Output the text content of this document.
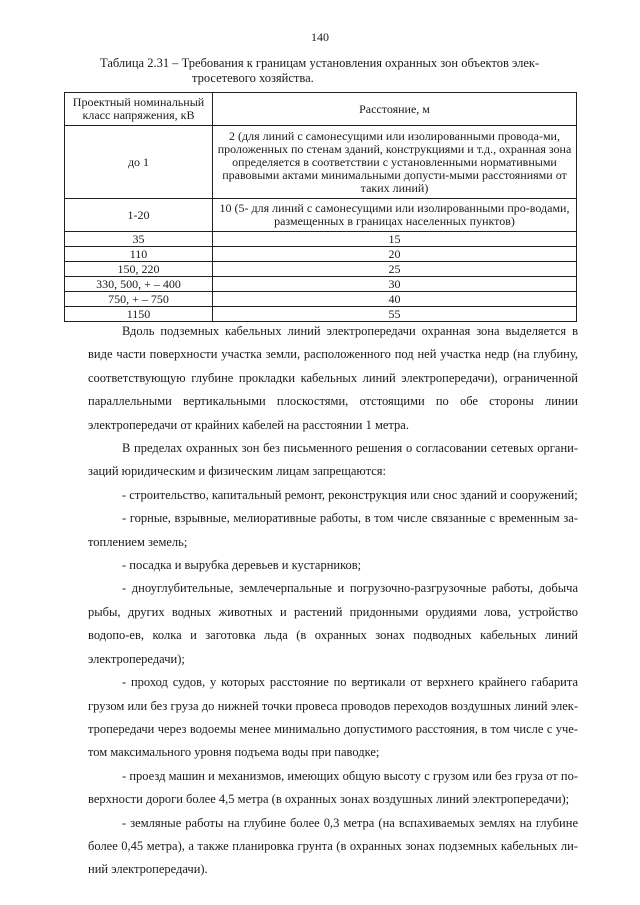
140
Таблица 2.31 – Требования к границам установления охранных зон объектов элек-
тросетевого хозяйства.
Проектный номинальный класс напряжения, кВ	Расстояние, м
до 1	2 (для линий с самонесущими или изолированными провода-ми, проложенных по стенам зданий, конструкциями и т.д., охранная зона определяется в соответствии с установленными нормативными правовыми актами минимальными допусти-мыми расстояниями от таких линий)
1-20	10 (5- для линий с самонесущими или изолированными про-водами, размещенных в границах населенных пунктов)
35	15
110	20
150, 220	25
330, 500, + – 400	30
750, + – 750	40
1150	55

Вдоль подземных кабельных линий электропередачи охранная зона выделяется в виде части поверхности участка земли, расположенного под ней участка недр (на глубину, соответствующую глубине прокладки кабельных линий электропередачи), ограниченной параллельными вертикальными плоскостями, отстоящими по обе стороны линии электропередачи от крайних кабелей на расстоянии 1 метра.

В пределах охранных зон без письменного решения о согласовании сетевых органи-заций юридическим и физическим лицам запрещаются:

- строительство, капитальный ремонт, реконструкция или снос зданий и сооружений;

- горные, взрывные, мелиоративные работы, в том числе связанные с временным за-топлением земель;

- посадка и вырубка деревьев и кустарников;

- дноуглубительные, землечерпальные и погрузочно-разгрузочные работы, добыча рыбы, других водных животных и растений придонными орудиями лова, устройство водопо-ев, колка и заготовка льда (в охранных зонах подводных кабельных линий электропередачи);

- проход судов, у которых расстояние по вертикали от верхнего крайнего габарита грузом или без груза до нижней точки провеса проводов переходов воздушных линий элек-тропередачи через водоемы менее минимально допустимого расстояния, в том числе с уче-том максимального уровня подъема воды при паводке;

- проезд машин и механизмов, имеющих общую высоту с грузом или без груза от по-верхности дороги более 4,5 метра (в охранных зонах воздушных линий электропередачи);

- земляные работы на глубине более 0,3 метра (на вспахиваемых землях на глубине более 0,45 метра), а также планировка грунта (в охранных зонах подземных кабельных ли-ний электропередачи).
